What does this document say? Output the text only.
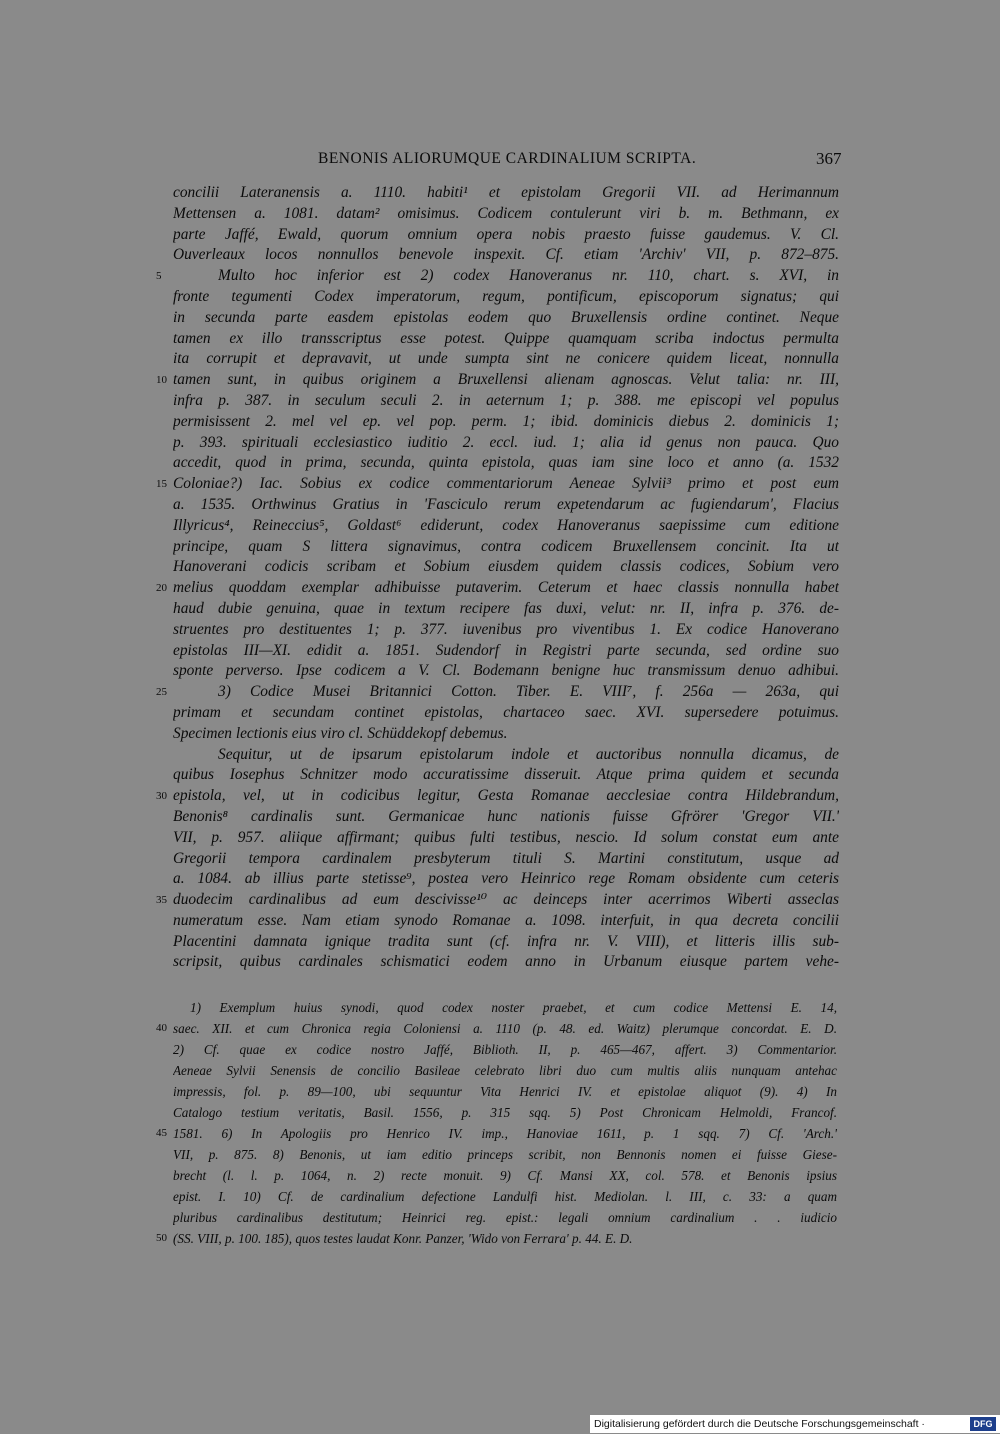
BENONIS ALIORUMQUE CARDINALIUM SCRIPTA.	367
concilii Lateranensis a. 1110. habiti¹ et epistolam Gregorii VII. ad Herimannum
Mettensen a. 1081. datam² omisimus. Codicem contulerunt viri b. m. Bethmann, ex
parte Jaffé, Ewald, quorum omnium opera nobis praesto fuisse gaudemus. V. Cl.
Ouverleaux locos nonnullos benevole inspexit. Cf. etiam 'Archiv' VII, p. 872–875.
5	Multo hoc inferior est 2) codex Hanoveranus nr. 110, chart. s. XVI, in
fronte tegumenti Codex imperatorum, regum, pontificum, episcoporum signatus; qui
in secunda parte easdem epistolas eodem quo Bruxellensis ordine continet. Neque
tamen ex illo transscriptus esse potest. Quippe quamquam scriba indoctus permulta
ita corrupit et depravavit, ut unde sumpta sint ne conicere quidem liceat, nonnulla
10 tamen sunt, in quibus originem a Bruxellensi alienam agnoscas. Velut talia: nr. III,
infra p. 387. in seculum seculi 2. in aeternum 1; p. 388. me episcopi vel populus
permisissent 2. mel vel ep. vel pop. perm. 1; ibid. dominicis diebus 2. dominicis 1;
p. 393. spirituali ecclesiastico iuditio 2. eccl. iud. 1; alia id genus non pauca. Quo
accedit, quod in prima, secunda, quinta epistola, quas iam sine loco et anno (a. 1532
15 Coloniae?) Iac. Sobius ex codice commentariorum Aeneae Sylvii³ primo et post eum
a. 1535. Orthwinus Gratius in 'Fasciculo rerum expetendarum ac fugiendarum', Flacius
Illyricus⁴, Reineccius⁵, Goldast⁶ ediderunt, codex Hanoveranus saepissime cum editione
principe, quam S littera signavimus, contra codicem Bruxellensem concinit. Ita ut
Hanoverani codicis scribam et Sobium eiusdem quidem classis codices, Sobium vero
20 melius quoddam exemplar adhibuisse putaverim. Ceterum et haec classis nonnulla habet
haud dubie genuina, quae in textum recipere fas duxi, velut: nr. II, infra p. 376. de-
struentes pro destituentes 1; p. 377. iuvenibus pro viventibus 1. Ex codice Hanoverano
epistolas III—XI. edidit a. 1851. Sudendorf in Registri parte secunda, sed ordine suo
sponte perverso. Ipse codicem a V. Cl. Bodemann benigne huc transmissum denuo adhibui.
25	3) Codice Musei Britannici Cotton. Tiber. E. VIII⁷, f. 256a — 263a, qui
primam et secundam continet epistolas, chartaceo saec. XVI. supersedere potuimus.
Specimen lectionis eius viro cl. Schüddekopf debemus.
Sequitur, ut de ipsarum epistolarum indole et auctoribus nonnulla dicamus, de
quibus Iosephus Schnitzer modo accuratissime disseruit. Atque prima quidem et secunda
30 epistola, vel, ut in codicibus legitur, Gesta Romanae aecclesiae contra Hildebrandum,
Benonis⁸ cardinalis sunt. Germanicae hunc nationis fuisse Gfrörer 'Gregor VII.'
VII, p. 957. aliique affirmant; quibus fulti testibus, nescio. Id solum constat eum ante
Gregorii tempora cardinalem presbyterum tituli S. Martini constitutum, usque ad
a. 1084. ab illius parte stetisse⁹, postea vero Heinrico rege Romam obsidente cum ceteris
35 duodecim cardinalibus ad eum descivisse¹⁰ ac deinceps inter acerrimos Wiberti asseclas
numeratum esse. Nam etiam synodo Romanae a. 1098. interfuit, in qua decreta concilii
Placentini damnata ignique tradita sunt (cf. infra nr. V. VIII), et litteris illis sub-
scripsit, quibus cardinales schismatici eodem anno in Urbanum eiusque partem vehe-
1) Exemplum huius synodi, quod codex noster praebet, et cum codice Mettensi E. 14,
40 saec. XII. et cum Chronica regia Coloniensi a. 1110 (p. 48. ed. Waitz) plerumque concordat. E. D.
2) Cf. quae ex codice nostro Jaffé, Biblioth. II, p. 465—467, affert. 3) Commentarior.
Aeneae Sylvii Senensis de concilio Basileae celebrato libri duo cum multis aliis nunquam antehac
impressis, fol. p. 89—100, ubi sequuntur Vita Henrici IV. et epistolae aliquot (9). 4) In
Catalogo testium veritatis, Basil. 1556, p. 315 sqq. 5) Post Chronicam Helmoldi, Francof.
45 1581. 6) In Apologiis pro Henrico IV. imp., Hanoviae 1611, p. 1 sqq. 7) Cf. 'Arch.'
VII, p. 875. 8) Benonis, ut iam editio princeps scribit, non Bennonis nomen ei fuisse Giese-
brecht (l. l. p. 1064, n. 2) recte monuit. 9) Cf. Mansi XX, col. 578. et Benonis ipsius
epist. I. 10) Cf. de cardinalium defectione Landulfi hist. Mediolan. l. III, c. 33: a quam
pluribus cardinalibus destitutum; Heinrici reg. epist.: legali omnium cardinalium . . iudicio
50 (SS. VIII, p. 100. 185), quos testes laudat Konr. Panzer, 'Wido von Ferrara' p. 44. E. D.
Digitalisierung gefördert durch die Deutsche Forschungsgemeinschaft ·	DFG
